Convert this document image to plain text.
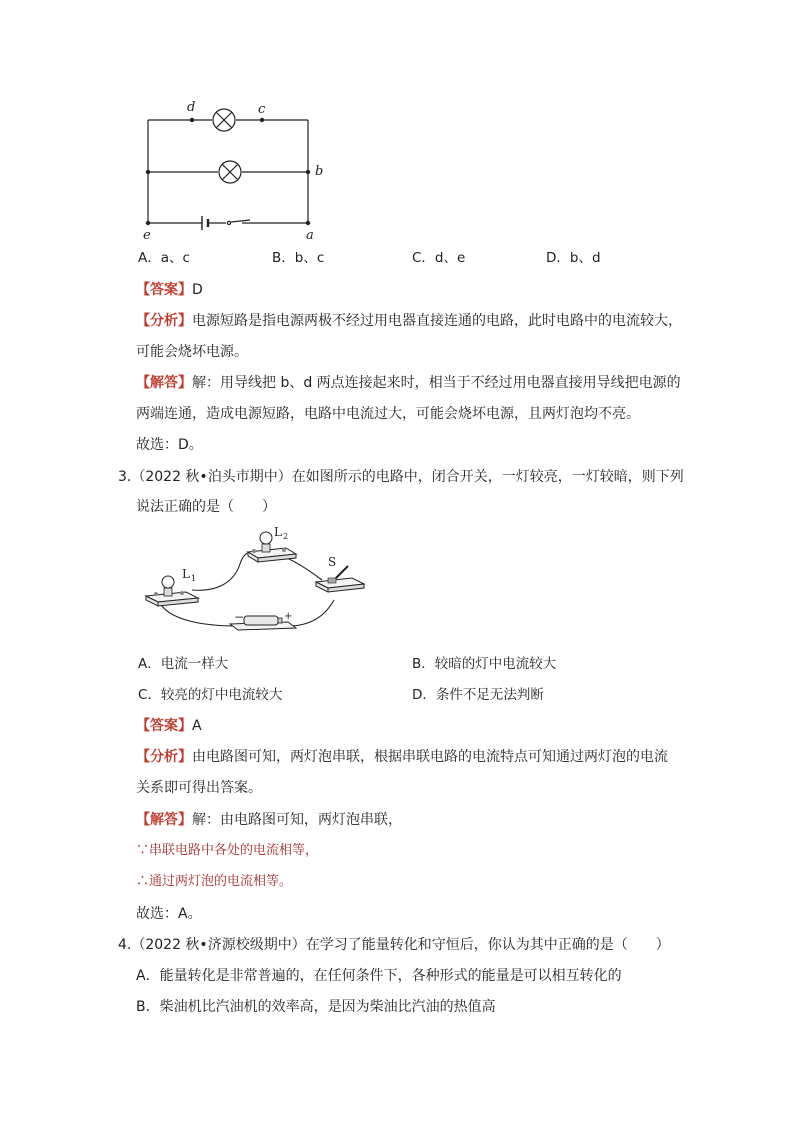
d	c
b
e	a
A．a、c	B．b、c	C．d、e	D．b、d
【答案】D
【分析】电源短路是指电源两极不经过用电器直接连通的电路，此时电路中的电流较大，
可能会烧坏电源。
【解答】解：用导线把 b、d 两点连接起来时，相当于不经过用电器直接用导线把电源的
两端连通，造成电源短路，电路中电流过大，可能会烧坏电源，且两灯泡均不亮。
故选：D。
3.（2022 秋•泊头市期中）在如图所示的电路中，闭合开关，一灯较亮，一灯较暗，则下列
说法正确的是（　　）
L 1
L 2
S
−	+
A．电流一样大	B．较暗的灯中电流较大
C．较亮的灯中电流较大	D．条件不足无法判断
【答案】A
【分析】由电路图可知，两灯泡串联，根据串联电路的电流特点可知通过两灯泡的电流
关系即可得出答案。
【解答】解：由电路图可知，两灯泡串联，
∵串联电路中各处的电流相等，
∴通过两灯泡的电流相等。
故选：A。
4.（2022 秋•济源校级期中）在学习了能量转化和守恒后，你认为其中正确的是（　　）
A．能量转化是非常普遍的，在任何条件下，各种形式的能量是可以相互转化的
B．柴油机比汽油机的效率高，是因为柴油比汽油的热值高
